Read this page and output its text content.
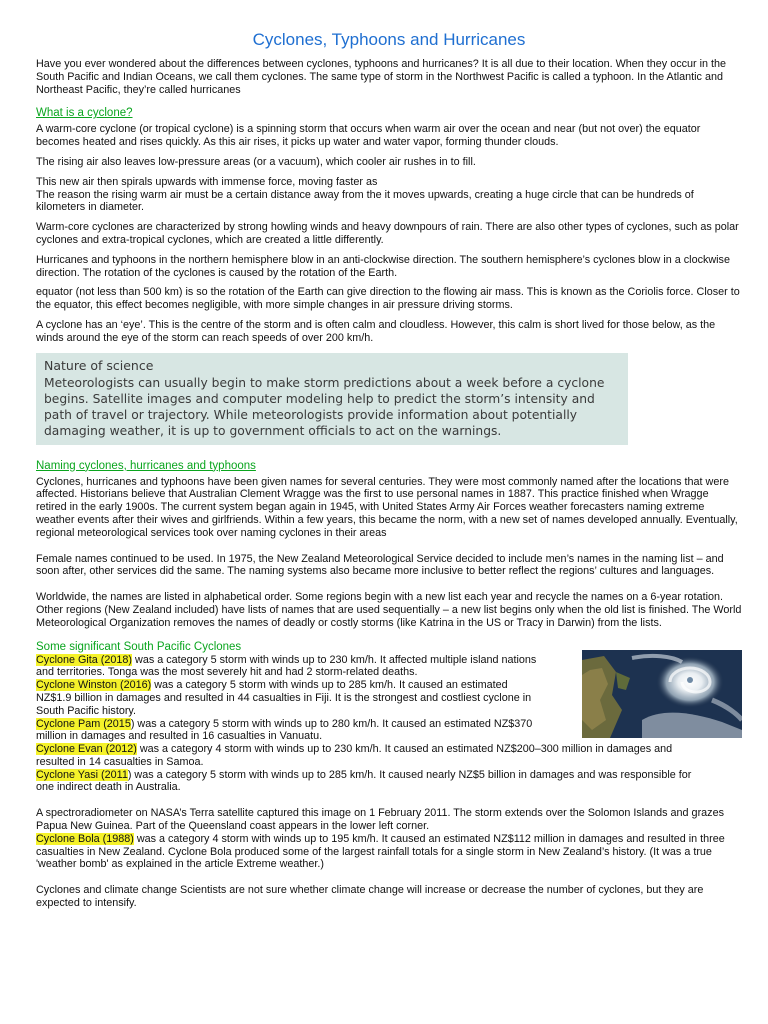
Cyclones, Typhoons and Hurricanes

Have you ever wondered about the differences between cyclones, typhoons and hurricanes? It is all due to their location. When they occur in the South Pacific and Indian Oceans, we call them cyclones. The same type of storm in the Northwest Pacific is called a typhoon. In the Atlantic and Northeast Pacific, they’re called hurricanes

What is a cyclone?

A warm-core cyclone (or tropical cyclone) is a spinning storm that occurs when warm air over the ocean and near (but not over) the equator becomes heated and rises quickly. As this air rises, it picks up water and water vapor, forming thunder clouds.

The rising air also leaves low-pressure areas (or a vacuum), which cooler air rushes in to fill.

This new air then spirals upwards with immense force, moving faster as
The reason the rising warm air must be a certain distance away from the it moves upwards, creating a huge circle that can be hundreds of kilometers in diameter.

Warm-core cyclones are characterized by strong howling winds and heavy downpours of rain. There are also other types of cyclones, such as polar cyclones and extra-tropical cyclones, which are created a little differently.

Hurricanes and typhoons in the northern hemisphere blow in an anti-clockwise direction. The southern hemisphere’s cyclones blow in a clockwise direction. The rotation of the cyclones is caused by the rotation of the Earth.

equator (not less than 500 km) is so the rotation of the Earth can give direction to the flowing air mass. This is known as the Coriolis force. Closer to the equator, this effect becomes negligible, with more simple changes in air pressure driving storms.

A cyclone has an ‘eye’. This is the centre of the storm and is often calm and cloudless. However, this calm is short lived for those below, as the winds around the eye of the storm can reach speeds of over 200 km/h.

Nature of science
Meteorologists can usually begin to make storm predictions about a week before a cyclone begins. Satellite images and computer modeling help to predict the storm’s intensity and path of travel or trajectory. While meteorologists provide information about potentially damaging weather, it is up to government officials to act on the warnings.
Naming cyclones, hurricanes and typhoons

Cyclones, hurricanes and typhoons have been given names for several centuries. They were most commonly named after the locations that were affected. Historians believe that Australian Clement Wragge was the first to use personal names in 1887. This practice finished when Wragge retired in the early 1900s. The current system began again in 1945, with United States Army Air Forces weather forecasters naming extreme weather events after their wives and girlfriends. Within a few years, this became the norm, with a new set of names developed annually. Eventually, regional meteorological services took over naming cyclones in their areas

Female names continued to be used. In 1975, the New Zealand Meteorological Service decided to include men’s names in the naming list – and soon after, other services did the same. The naming systems also became more inclusive to better reflect the regions’ cultures and languages.

Worldwide, the names are listed in alphabetical order. Some regions begin with a new list each year and recycle the names on a 6-year rotation. Other regions (New Zealand included) have lists of names that are used sequentially – a new list begins only when the old list is finished. The World Meteorological Organization removes the names of deadly or costly storms (like Katrina in the US or Tracy in Darwin) from the lists.

Some significant South Pacific Cyclones
Cyclone Gita (2018) was a category 5 storm with winds up to 230 km/h. It affected multiple island nations
and territories. Tonga was the most severely hit and had 2 storm-related deaths.
Cyclone Winston (2016) was a category 5 storm with winds up to 285 km/h. It caused an estimated
NZ$1.9 billion in damages and resulted in 44 casualties in Fiji. It is the strongest and costliest cyclone in
South Pacific history.
Cyclone Pam (2015) was a category 5 storm with winds up to 280 km/h. It caused an estimated NZ$370
million in damages and resulted in 16 casualties in Vanuatu.
Cyclone Evan (2012) was a category 4 storm with winds up to 230 km/h. It caused an estimated NZ$200–300 million in damages and
resulted in 14 casualties in Samoa.
Cyclone Yasi (2011) was a category 5 storm with winds up to 285 km/h. It caused nearly NZ$5 billion in damages and was responsible for
one indirect death in Australia.
A spectroradiometer on NASA’s Terra satellite captured this image on 1 February 2011. The storm extends over the Solomon Islands and grazes Papua New Guinea. Part of the Queensland coast appears in the lower left corner.
Cyclone Bola (1988) was a category 4 storm with winds up to 195 km/h. It caused an estimated NZ$112 million in damages and resulted in three casualties in New Zealand. Cyclone Bola produced some of the largest rainfall totals for a single storm in New Zealand’s history. (It was a true 'weather bomb' as explained in the article Extreme weather.)
Cyclones and climate change Scientists are not sure whether climate change will increase or decrease the number of cyclones, but they are expected to intensify.
